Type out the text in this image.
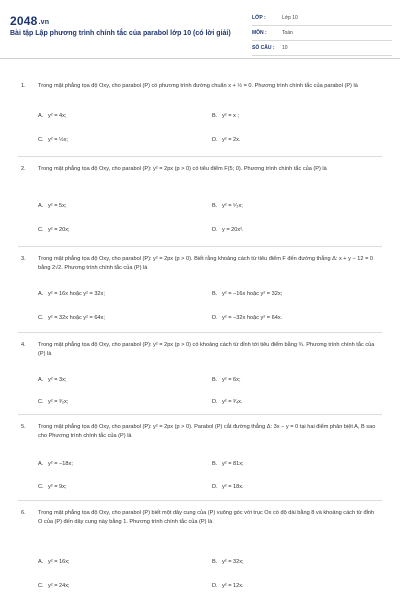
2048.vn
Bài tập Lập phương trình chính tắc của parabol lớp 10 (có lời giải)
LỚP :	Lớp 10
MÔN :	Toán
SỐ CÂU :	10
1. Trong mặt phẳng tọa độ Oxy, cho parabol (P) có phương trình đường chuẩn x + ½ = 0. Phương trình chính tắc của parabol (P) là
A. y² = 4x;	B. y² = x ;
C. y² = ½x;	D. y² = 2x.
2. Trong mặt phẳng tọa độ Oxy, cho parabol (P): y² = 2px (p > 0) có tiêu điểm F(5; 0). Phương trình chính tắc của (P) là
A. y² = 5x;	B. y² = ⁵⁄₂x;
C. y² = 20x;	D. y = 20x².
3. Trong mặt phẳng tọa độ Oxy, cho parabol (P): y² = 2px (p > 0). Biết rằng khoảng cách từ tiêu điểm F đến đường thẳng Δ: x + y − 12 = 0 bằng 2√2. Phương trình chính tắc của (P) là
A. y² = 16x hoặc y² = 32x;	B. y² = −16x hoặc y² = 32x;
C. y² = 32x hoặc y² = 64x;	D. y² = −32x hoặc y² = 64x.
4. Trong mặt phẳng tọa độ Oxy, cho parabol (P): y² = 2px (p > 0) có khoảng cách từ đỉnh tới tiêu điểm bằng ¾. Phương trình chính tắc của (P) là
A. y² = 3x;	B. y² = 6x;
C. y² = ³⁄₂x;	D. y² = ³⁄₄x.
5. Trong mặt phẳng tọa độ Oxy, cho parabol (P): y² = 2px (p > 0). Parabol (P) cắt đường thẳng Δ: 3x − y = 0 tại hai điểm phân biệt A, B sao cho Phương trình chính tắc của (P) là
A. y² = −18x;	B. y² = 81x;
C. y² = 9x;	D. y² = 18x.
6. Trong mặt phẳng tọa độ Oxy, cho parabol (P) biết một dây cung của (P) vuông góc với trục Ox có độ dài bằng 8 và khoảng cách từ đỉnh O của (P) đến dây cung này bằng 1. Phương trình chính tắc của (P) là
A. y² = 16x;	B. y² = 32x;
C. y² = 24x;	D. y² = 12x.
